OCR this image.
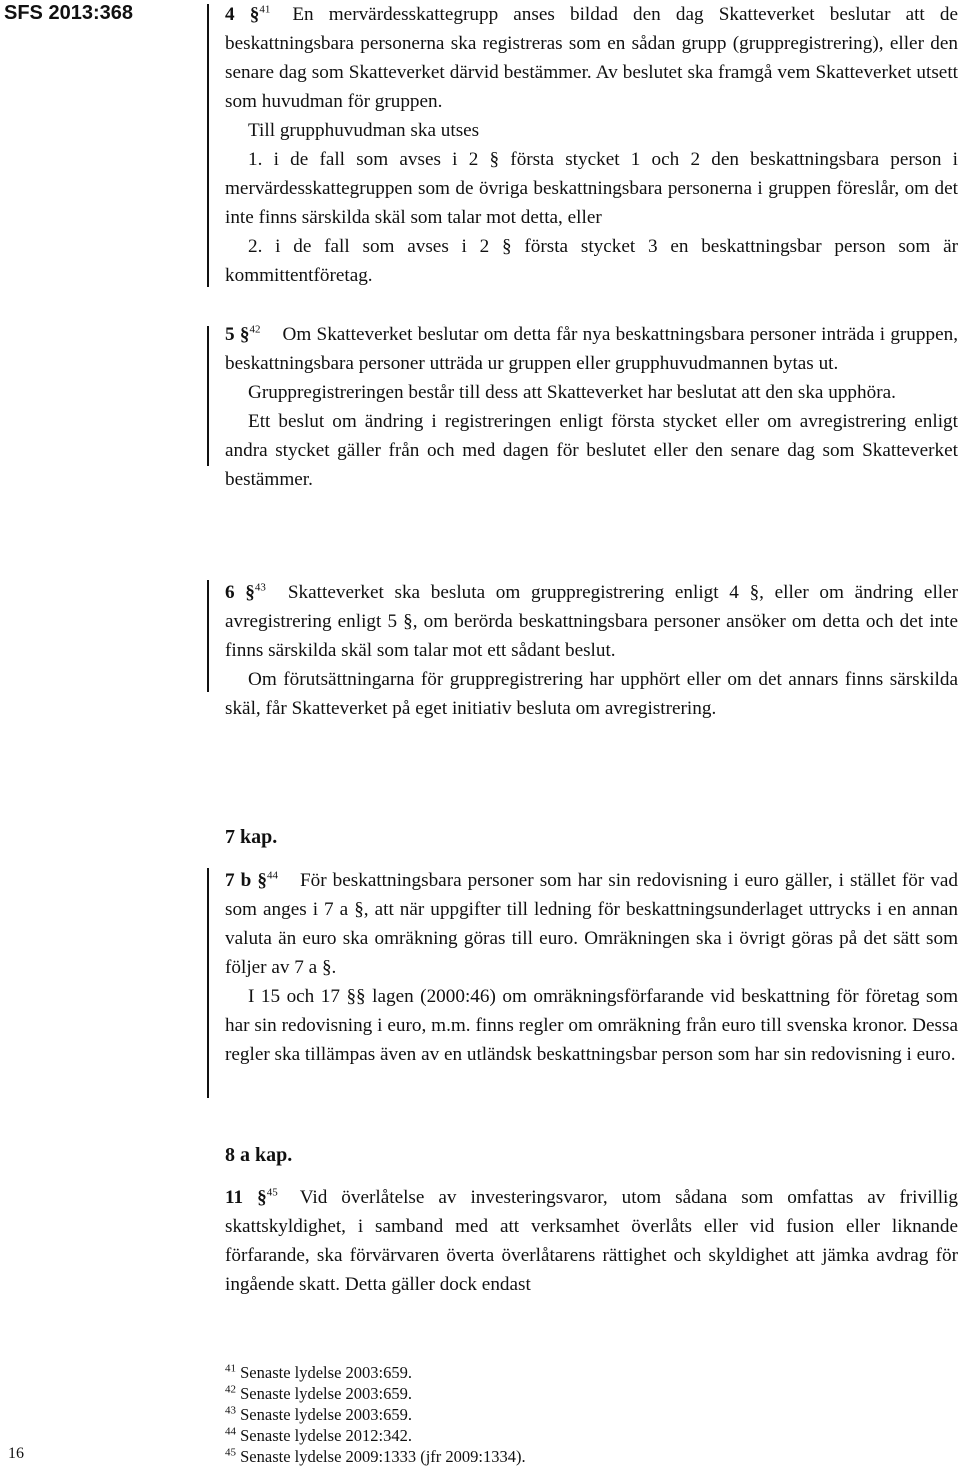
SFS 2013:368	4 §$^{41}$ En mervärdesskattegrupp anses bildad den dag Skatteverket beslutar att de beskattningsbara personerna ska registreras som en sådan grupp (gruppregistrering), eller den senare dag som Skatteverket därvid bestämmer. Av beslutet ska framgå vem Skatteverket utsett som huvudman för gruppen.

Till grupphuvudman ska utses

1. i de fall som avses i 2 § första stycket 1 och 2 den beskattningsbara person i mervärdesskattegruppen som de övriga beskattningsbara personerna i gruppen föreslår, om det inte finns särskilda skäl som talar mot detta, eller

2. i de fall som avses i 2 § första stycket 3 en beskattningsbar person som är kommittentföretag.

5 §$^{42}$ Om Skatteverket beslutar om detta får nya beskattningsbara personer inträda i gruppen, beskattningsbara personer utträda ur gruppen eller grupphuvudmannen bytas ut.

Gruppregistreringen består till dess att Skatteverket har beslutat att den ska upphöra.

Ett beslut om ändring i registreringen enligt första stycket eller om avregistrering enligt andra stycket gäller från och med dagen för beslutet eller den senare dag som Skatteverket bestämmer.

6 §$^{43}$ Skatteverket ska besluta om gruppregistrering enligt 4 §, eller om ändring eller avregistrering enligt 5 §, om berörda beskattningsbara personer ansöker om detta och det inte finns särskilda skäl som talar mot ett sådant beslut.

Om förutsättningarna för gruppregistrering har upphört eller om det annars finns särskilda skäl, får Skatteverket på eget initiativ besluta om avregistrering.

7 kap.

7 b §$^{44}$ För beskattningsbara personer som har sin redovisning i euro gäller, i stället för vad som anges i 7 a §, att när uppgifter till ledning för beskattningsunderlaget uttrycks i en annan valuta än euro ska omräkning göras till euro. Omräkningen ska i övrigt göras på det sätt som följer av 7 a §.

I 15 och 17 §§ lagen (2000:46) om omräkningsförfarande vid beskattning för företag som har sin redovisning i euro, m.m. finns regler om omräkning från euro till svenska kronor. Dessa regler ska tillämpas även av en utländsk beskattningsbar person som har sin redovisning i euro.

8 a kap.

11 §$^{45}$ Vid överlåtelse av investeringsvaror, utom sådana som omfattas av frivillig skattskyldighet, i samband med att verksamhet överlåts eller vid fusion eller liknande förfarande, ska förvärvaren överta överlåtarens rättighet och skyldighet att jämka avdrag för ingående skatt. Detta gäller dock endast

$^{41}$ Senaste lydelse 2003:659.
$^{42}$ Senaste lydelse 2003:659.
$^{43}$ Senaste lydelse 2003:659.
$^{44}$ Senaste lydelse 2012:342.
$^{45}$ Senaste lydelse 2009:1333 (jfr 2009:1334).
16
